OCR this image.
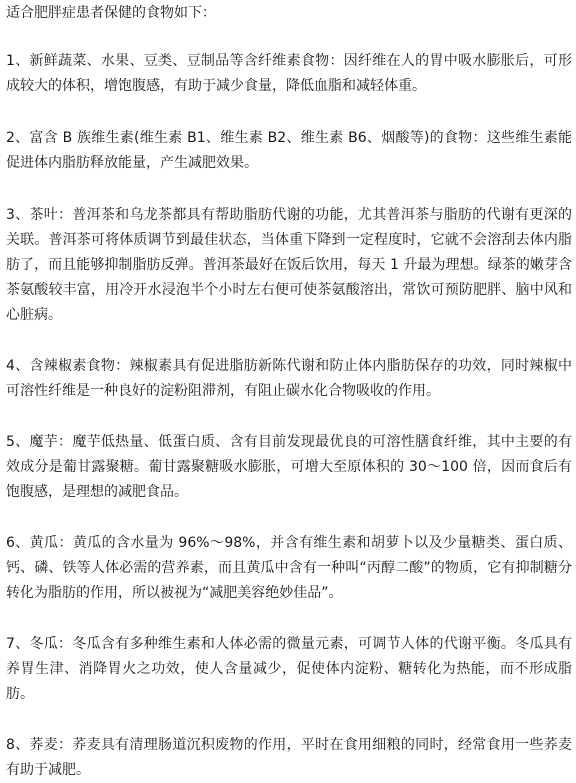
适合肥胖症患者保健的食物如下：

1、新鲜蔬菜、水果、豆类、豆制品等含纤维素食物：因纤维在人的胃中吸水膨胀后，可形成较大的体积，增饱腹感，有助于减少食量，降低血脂和减轻体重。

2、富含 B 族维生素(维生素 B1、维生素 B2、维生素 B6、烟酸等)的食物：这些维生素能促进体内脂肪释放能量，产生减肥效果。

3、茶叶：普洱茶和乌龙茶都具有帮助脂肪代谢的功能，尤其普洱茶与脂肪的代谢有更深的关联。普洱茶可将体质调节到最佳状态，当体重下降到一定程度时，它就不会溶刮去体内脂肪了，而且能够抑制脂肪反弹。普洱茶最好在饭后饮用，每天 1 升最为理想。绿茶的嫩芽含茶氨酸较丰富，用冷开水浸泡半个小时左右便可使茶氨酸溶出，常饮可预防肥胖、脑中风和心脏病。

4、含辣椒素食物：辣椒素具有促进脂肪新陈代谢和防止体内脂肪保存的功效，同时辣椒中可溶性纤维是一种良好的淀粉阻滞剂，有阻止碳水化合物吸收的作用。

5、魔芋：魔芋低热量、低蛋白质、含有目前发现最优良的可溶性膳食纤维，其中主要的有效成分是葡甘露聚糖。葡甘露聚糖吸水膨胀，可增大至原体积的 30～100 倍，因而食后有饱腹感，是理想的减肥食品。

6、黄瓜：黄瓜的含水量为 96%～98%，并含有维生素和胡萝卜以及少量糖类、蛋白质、钙、磷、铁等人体必需的营养素，而且黄瓜中含有一种叫“丙醇二酸”的物质，它有抑制糖分转化为脂肪的作用，所以被视为“减肥美容绝妙佳品”。

7、冬瓜：冬瓜含有多种维生素和人体必需的微量元素，可调节人体的代谢平衡。冬瓜具有养胃生津、消降胃火之功效，使人含量减少，促使体内淀粉、糖转化为热能，而不形成脂肪。

8、荞麦：荞麦具有清理肠道沉积废物的作用，平时在食用细粮的同时，经常食用一些荞麦有助于减肥。
